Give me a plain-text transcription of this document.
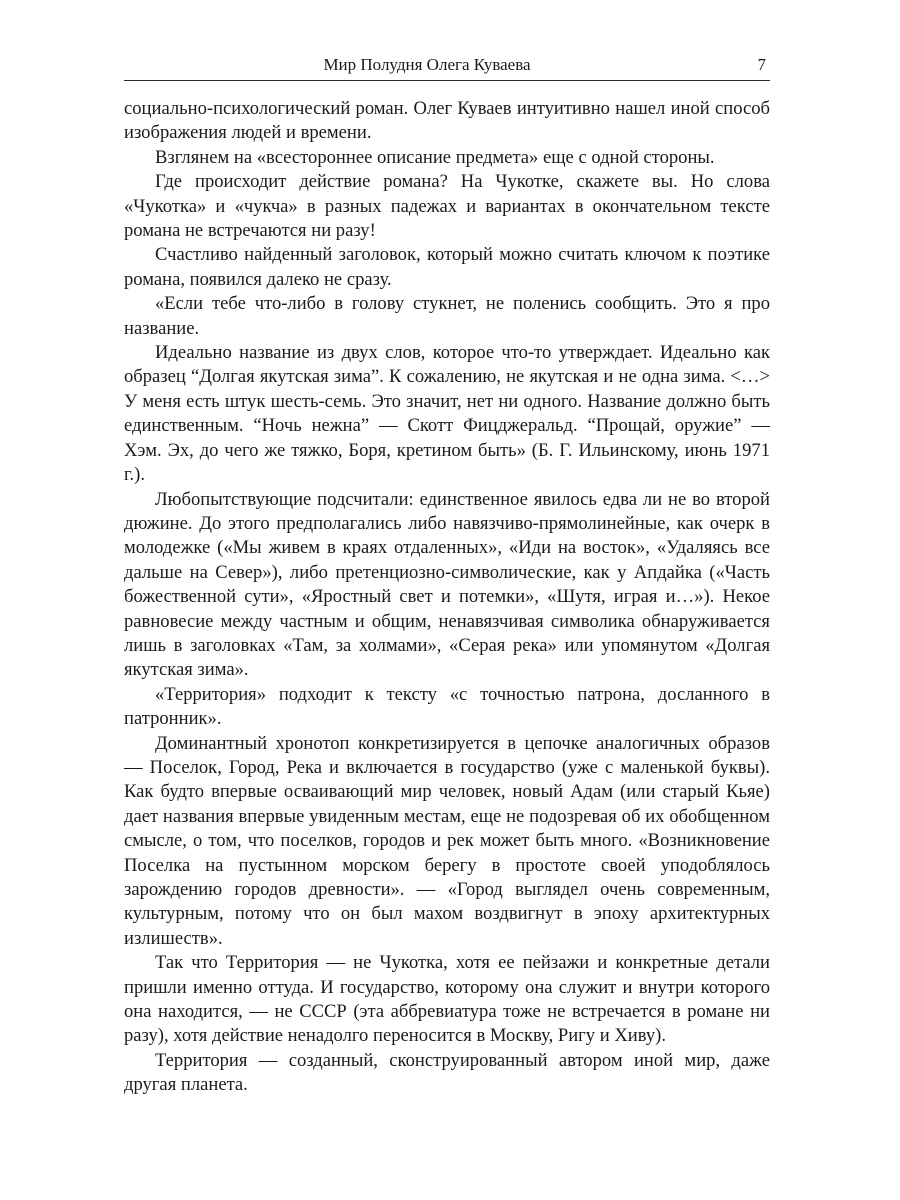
Мир Полудня Олега Куваева	7

социально-психологический роман. Олег Куваев интуитивно нашел иной способ изображения людей и времени.

Взглянем на «всестороннее описание предмета» еще с одной стороны.

Где происходит действие романа? На Чукотке, скажете вы. Но слова «Чукотка» и «чукча» в разных падежах и вариантах в окончательном тексте романа не встречаются ни разу!

Счастливо найденный заголовок, который можно считать ключом к поэтике романа, появился далеко не сразу.

«Если тебе что-либо в голову стукнет, не поленись сообщить. Это я про название.

Идеально название из двух слов, которое что-то утверждает. Идеально как образец “Долгая якутская зима”. К сожалению, не якутская и не одна зима. <…> У меня есть штук шесть-семь. Это значит, нет ни одного. Название должно быть единственным. “Ночь нежна” — Скотт Фицджеральд. “Прощай, оружие” — Хэм. Эх, до чего же тяжко, Боря, кретином быть» (Б. Г. Ильинскому, июнь 1971 г.).

Любопытствующие подсчитали: единственное явилось едва ли не во второй дюжине. До этого предполагались либо навязчиво-прямолинейные, как очерк в молодежке («Мы живем в краях отдаленных», «Иди на восток», «Удаляясь все дальше на Север»), либо претенциозно-символические, как у Апдайка («Часть божественной сути», «Яростный свет и потемки», «Шутя, играя и…»). Некое равновесие между частным и общим, ненавязчивая символика обнаруживается лишь в заголовках «Там, за холмами», «Серая река» или упомянутом «Долгая якутская зима».

«Территория» подходит к тексту «с точностью патрона, досланного в патронник».

Доминантный хронотоп конкретизируется в цепочке аналогичных образов — Поселок, Город, Река и включается в государство (уже с маленькой буквы). Как будто впервые осваивающий мир человек, новый Адам (или старый Кьяе) дает названия впервые увиденным местам, еще не подозревая об их обобщенном смысле, о том, что поселков, городов и рек может быть много. «Возникновение Поселка на пустынном морском берегу в простоте своей уподоблялось зарождению городов древности». — «Город выглядел очень современным, культурным, потому что он был махом воздвигнут в эпоху архитектурных излишеств».

Так что Территория — не Чукотка, хотя ее пейзажи и конкретные детали пришли именно оттуда. И государство, которому она служит и внутри которого она находится, — не СССР (эта аббревиатура тоже не встречается в романе ни разу), хотя действие ненадолго переносится в Москву, Ригу и Хиву).

Территория — созданный, сконструированный автором иной мир, даже другая планета.
